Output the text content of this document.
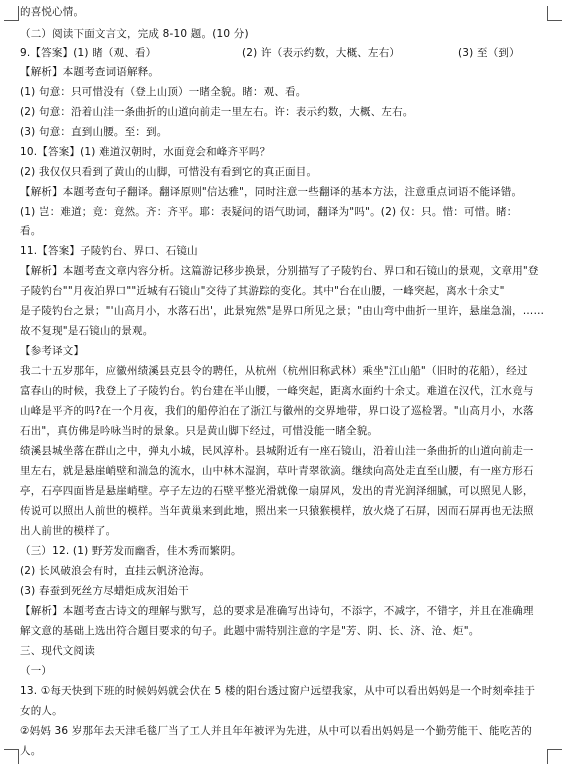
的喜悦心情。

（二）阅读下面文言文，完成 8-10 题。(10 分)

9.【答案】(1) 睹（观、看）	(2) 许（表示约数，大概、左右）	(3) 至（到）

【解析】本题考查词语解释。

(1) 句意：只可惜没有（登上山顶）一睹全貌。睹：观、看。

(2) 句意：沿着山洼一条曲折的山道向前走一里左右。许：表示约数，大概、左右。

(3) 句意：直到山腰。至：到。

10.【答案】(1) 难道汉朝时，水面竟会和峰齐平吗？

(2) 我仅仅只看到了黄山的山脚，可惜没有看到它的真正面目。

【解析】本题考查句子翻译。翻译原则"信达雅"，同时注意一些翻译的基本方法，注意重点词语不能译错。

(1) 岂：难道；竟：竟然。齐：齐平。耶：表疑问的语气助词，翻译为"吗"。(2) 仅：只。惜：可惜。睹：

看。

11.【答案】子陵钓台、界口、石镜山

【解析】本题考查文章内容分析。这篇游记移步换景，分别描写了子陵钓台、界口和石镜山的景观，文章用"登

子陵钓台""月夜泊界口""近城有石镜山"交待了其游踪的变化。其中"台在山腰，一峰突起，离水十余丈"

是子陵钓台之景；"'山高月小，水落石出'，此景宛然"是界口所见之景；"由山弯中曲折一里许，悬崖急湍，……

故不复现"是石镜山的景观。

【参考译文】

我二十五岁那年，应徽州绩溪县克县令的聘任，从杭州（杭州旧称武林）乘坐"江山船"（旧时的花船），经过

富春山的时候，我登上了子陵钓台。钓台建在半山腰，一峰突起，距离水面约十余丈。难道在汉代，江水竟与

山峰是平齐的吗?在一个月夜，我们的船停泊在了浙江与徽州的交界地带，界口设了巡检署。"山高月小，水落

石出"，真仿佛是吟咏当时的景象。只是黄山脚下经过，可惜没能一睹全貌。

绩溪县城坐落在群山之中，弹丸小城，民风淳朴。县城附近有一座石镜山，沿着山洼一条曲折的山道向前走一

里左右，就是悬崖峭壁和湍急的流水，山中林木湿润，草叶青翠欲滴。继续向高处走直至山腰，有一座方形石

亭，石亭四面皆是悬崖峭壁。亭子左边的石壁平整光滑就像一扇屏风，发出的青光润泽细腻，可以照见人影，

传说可以照出人前世的模样。当年黄巢来到此地，照出来一只猿猴模样，放火烧了石屏，因而石屏再也无法照

出人前世的模样了。

（三）12. (1) 野芳发而幽香，佳木秀而繁阴。

(2) 长风破浪会有时，直挂云帆济沧海。

(3) 春蚕到死丝方尽蜡炬成灰泪始干

【解析】本题考查古诗文的理解与默写，总的要求是准确写出诗句，不添字，不减字，不错字，并且在准确理

解文意的基础上选出符合题目要求的句子。此题中需特别注意的字是"芳、阴、长、济、沧、炬"。

三、现代文阅读

（一）

13. ①每天快到下班的时候妈妈就会伏在 5 楼的阳台透过窗户远望我家，从中可以看出妈妈是一个时刻牵挂于

女的人。

②妈妈 36 岁那年去天津毛毯厂当了工人并且年年被评为先进，从中可以看出妈妈是一个勤劳能干、能吃苦的

人。
